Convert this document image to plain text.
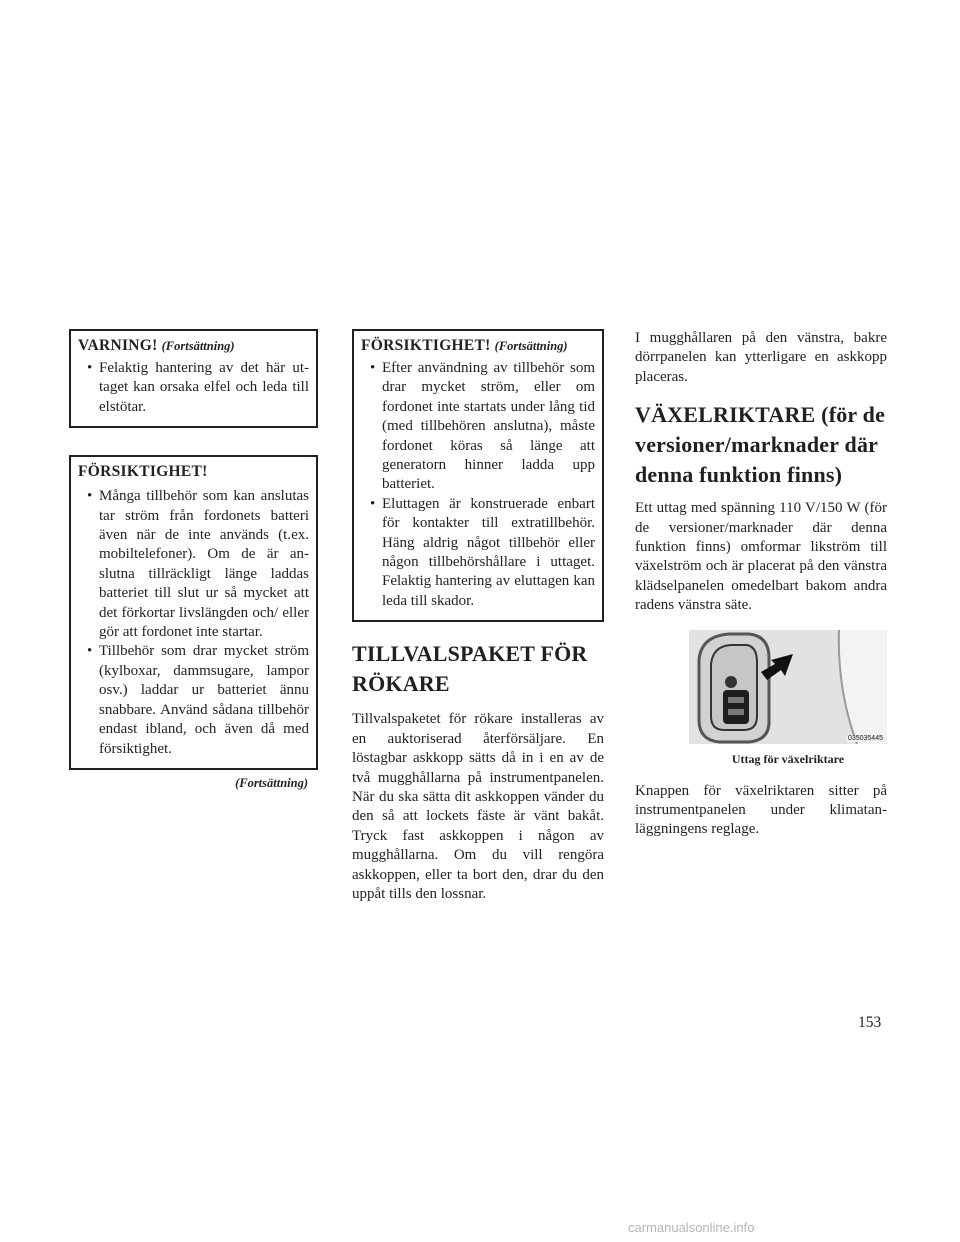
VARNING! (Fortsättning)
• Felaktig hantering av det här uttaget kan orsaka elfel och leda till elstötar.
FÖRSIKTIGHET!
• Många tillbehör som kan anslutas tar ström från fordonets batteri även när de inte används (t.ex. mobiltelefoner). Om de är anslutna tillräckligt länge laddas batteriet till slut ur så mycket att det förkortar livslängden och/ eller gör att fordonet inte startar.
• Tillbehör som drar mycket ström (kylboxar, dammsugare, lampor osv.) laddar ur batteriet ännu snabbare. Använd sådana tillbehör endast ibland, och även då med försiktighet.
(Fortsättning)
FÖRSIKTIGHET! (Fortsättning)
• Efter användning av tillbehör som drar mycket ström, eller om fordonet inte startats under lång tid (med tillbehören anslutna), måste fordonet köras så länge att generatorn hinner ladda upp batteriet.
• Eluttagen är konstruerade enbart för kontakter till extratillbehör. Häng aldrig något tillbehör eller någon tillbehörshållare i uttaget. Felaktig hantering av eluttagen kan leda till skador.
TILLVALSPAKET FÖR RÖKARE

Tillvalspaketet för rökare installeras av en auktoriserad återförsäljare. En löstagbar askkopp sätts då in i en av de två mugghållarna på instrumentpanelen. När du ska sätta dit askkoppen vänder du den så att lockets fäste är vänt bakåt. Tryck fast askkoppen i någon av mugghållarna. Om du vill rengöra askkoppen, eller ta bort den, drar du den uppåt tills den lossnar.

I mugghållaren på den vänstra, bakre dörrpanelen kan ytterligare en askkopp placeras.

VÄXELRIKTARE (för de versioner/marknader där denna funktion finns)

Ett uttag med spänning 110 V/150 W (för de versioner/marknader där denna funktion finns) omformar likström till växelström och är placerat på den vänstra klädselpanelen omedelbart bakom andra radens vänstra säte.

035035445
Uttag för växelriktare

Knappen för växelriktaren sitter på instrumentpanelen under klimatanläggningens reglage.

153
carmanualsonline.info
